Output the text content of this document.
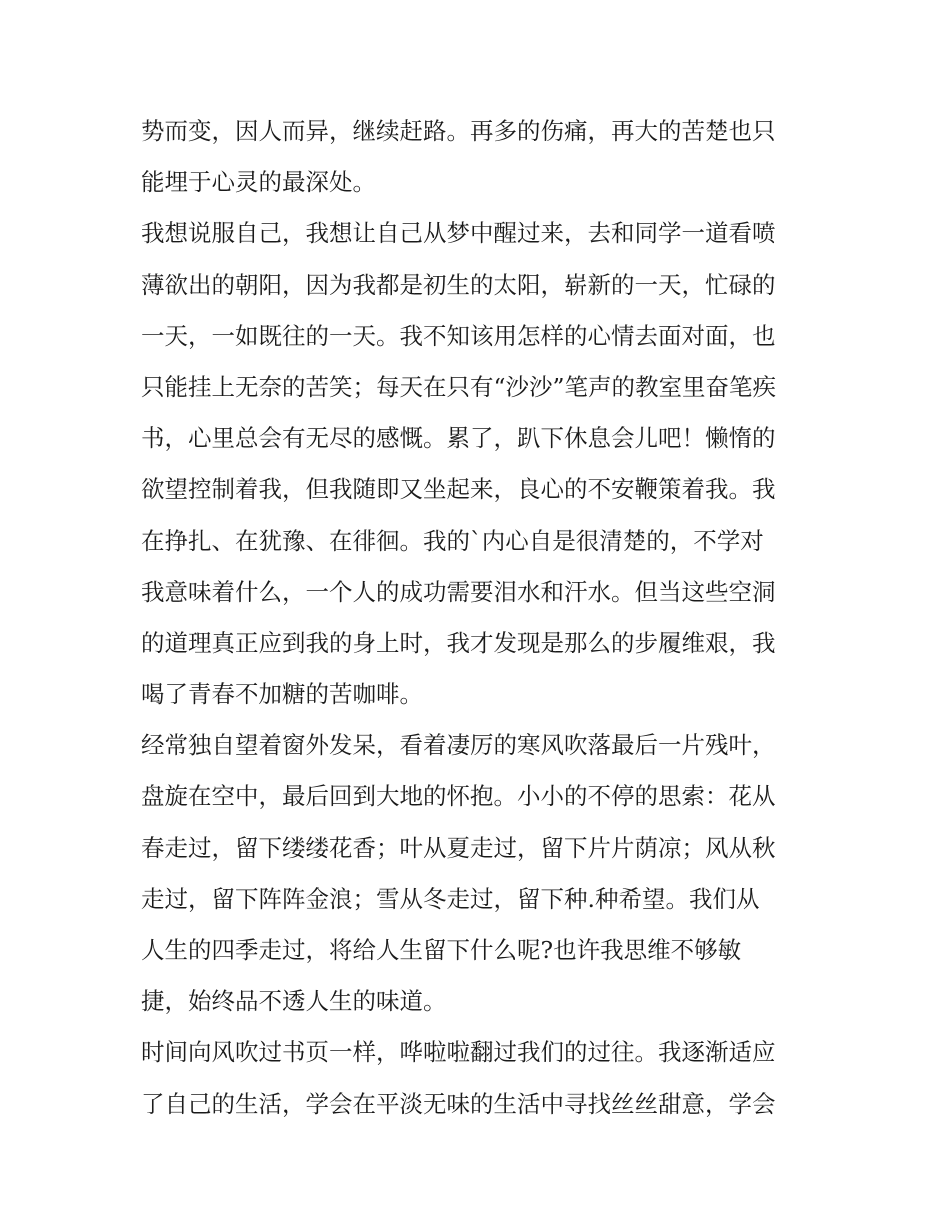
势而变，因人而异，继续赶路。再多的伤痛，再大的苦楚也只
能埋于心灵的最深处。
我想说服自己，我想让自己从梦中醒过来，去和同学一道看喷
薄欲出的朝阳，因为我都是初生的太阳，崭新的一天，忙碌的
一天，一如既往的一天。我不知该用怎样的心情去面对面，也
只能挂上无奈的苦笑；每天在只有“沙沙”笔声的教室里奋笔疾
书，心里总会有无尽的感慨。累了，趴下休息会儿吧！懒惰的
欲望控制着我，但我随即又坐起来，良心的不安鞭策着我。我
在挣扎、在犹豫、在徘徊。我的`内心自是很清楚的，不学对
我意味着什么，一个人的成功需要泪水和汗水。但当这些空洞
的道理真正应到我的身上时，我才发现是那么的步履维艰，我
喝了青春不加糖的苦咖啡。
经常独自望着窗外发呆，看着凄厉的寒风吹落最后一片残叶，
盘旋在空中，最后回到大地的怀抱。小小的不停的思索：花从
春走过，留下缕缕花香；叶从夏走过，留下片片荫凉；风从秋
走过，留下阵阵金浪；雪从冬走过，留下种.种希望。我们从
人生的四季走过，将给人生留下什么呢?也许我思维不够敏
捷，始终品不透人生的味道。
时间向风吹过书页一样，哗啦啦翻过我们的过往。我逐渐适应
了自己的生活，学会在平淡无味的生活中寻找丝丝甜意，学会
